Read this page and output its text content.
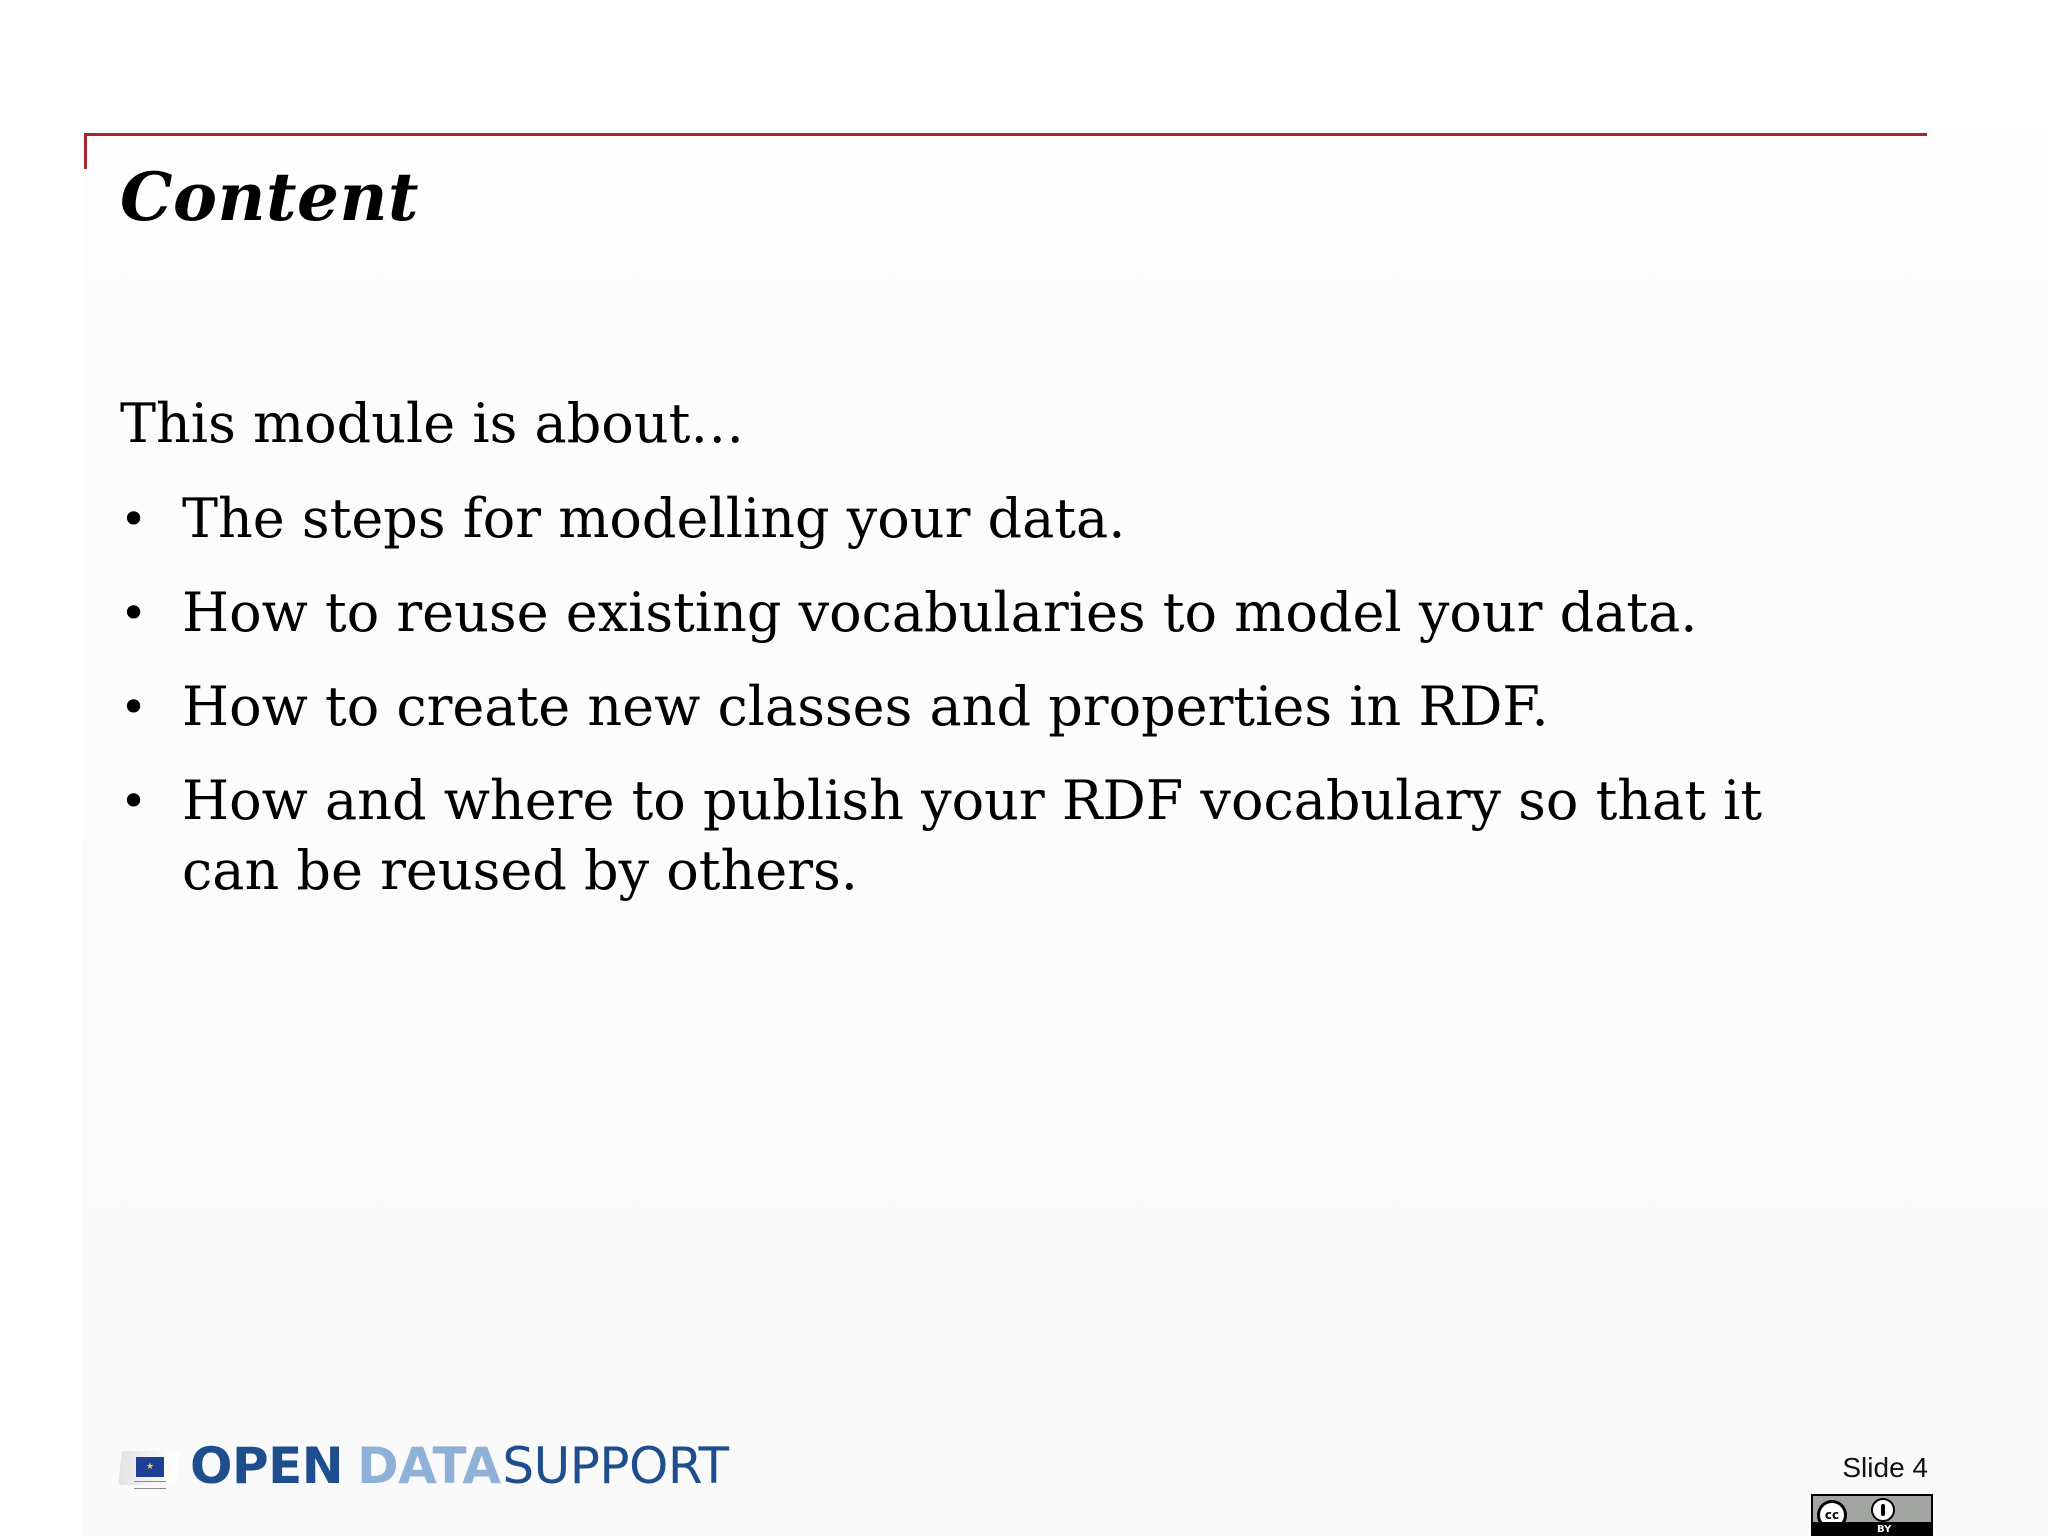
Content
This module is about…
• The steps for modelling your data.
• How to reuse existing vocabularies to model your data.
• How to create new classes and properties in RDF.
• How and where to publish your RDF vocabulary so that it can be reused by others.
★ OPEN DATA SUPPORT	Slide 4
cc
BY
